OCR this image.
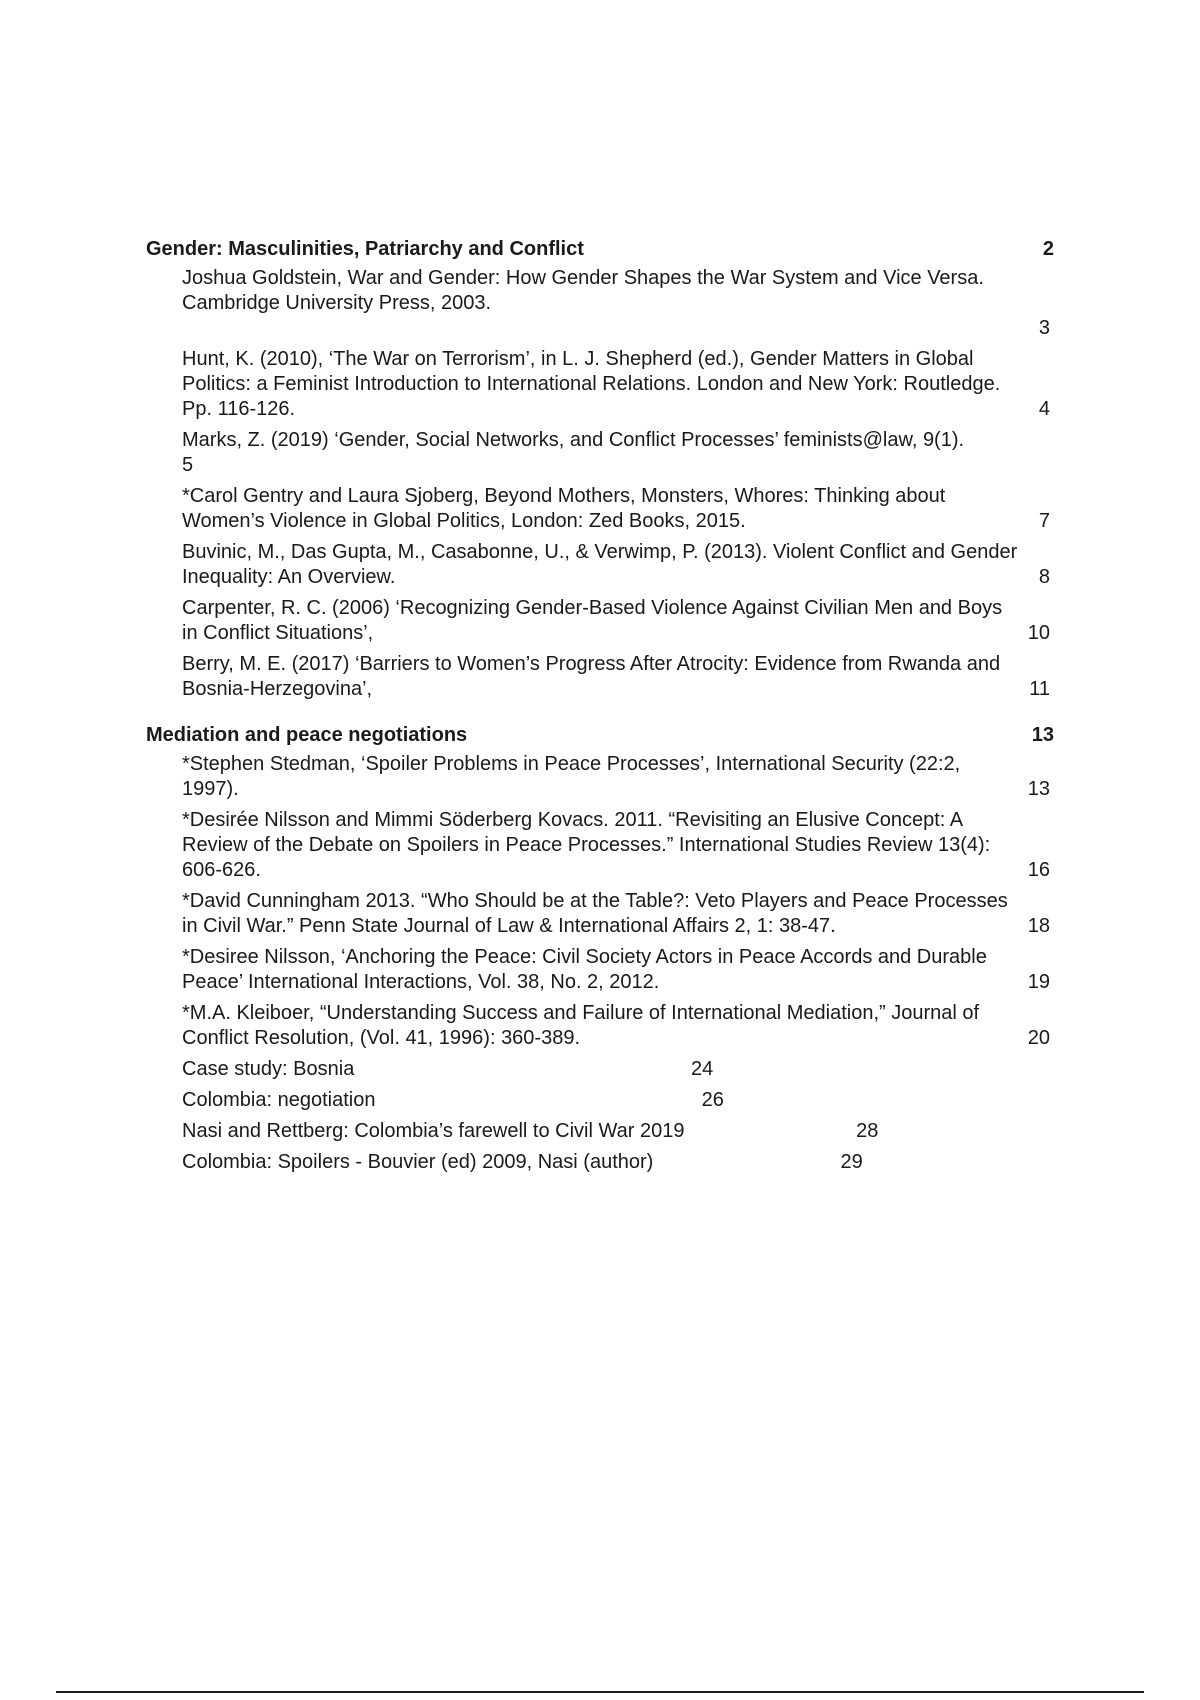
Gender: Masculinities, Patriarchy and Conflict	2
Joshua Goldstein, War and Gender: How Gender Shapes the War System and Vice Versa. Cambridge University Press, 2003.
3
Hunt, K. (2010), ‘The War on Terrorism’, in L. J. Shepherd (ed.), Gender Matters in Global Politics: a Feminist Introduction to International Relations. London and New York: Routledge. Pp. 116-126.	4
Marks, Z. (2019) ‘Gender, Social Networks, and Conflict Processes’ feminists@law, 9(1).
5
*Carol Gentry and Laura Sjoberg, Beyond Mothers, Monsters, Whores: Thinking about Women’s Violence in Global Politics, London: Zed Books, 2015.	7
Buvinic, M., Das Gupta, M., Casabonne, U., & Verwimp, P. (2013). Violent Conflict and Gender Inequality: An Overview.	8
Carpenter, R. C. (2006) ‘Recognizing Gender-Based Violence Against Civilian Men and Boys in Conflict Situations’,	10
Berry, M. E. (2017) ‘Barriers to Women’s Progress After Atrocity: Evidence from Rwanda and Bosnia-Herzegovina’,	11
Mediation and peace negotiations	13
*Stephen Stedman, ‘Spoiler Problems in Peace Processes’, International Security (22:2, 1997).	13
*Desirée Nilsson and Mimmi Söderberg Kovacs. 2011. “Revisiting an Elusive Concept: A Review of the Debate on Spoilers in Peace Processes.” International Studies Review 13(4): 606-626.	16
*David Cunningham 2013. “Who Should be at the Table?: Veto Players and Peace Processes in Civil War.” Penn State Journal of Law & International Affairs 2, 1: 38-47.	18
*Desiree Nilsson, ‘Anchoring the Peace: Civil Society Actors in Peace Accords and Durable Peace’ International Interactions, Vol. 38, No. 2, 2012.	19
*M.A. Kleiboer, “Understanding Success and Failure of International Mediation,” Journal of Conflict Resolution, (Vol. 41, 1996): 360-389.	20
Case study: Bosnia	24
Colombia: negotiation	26
Nasi and Rettberg: Colombia’s farewell to Civil War 2019	28
Colombia: Spoilers - Bouvier (ed) 2009, Nasi (author)	29
